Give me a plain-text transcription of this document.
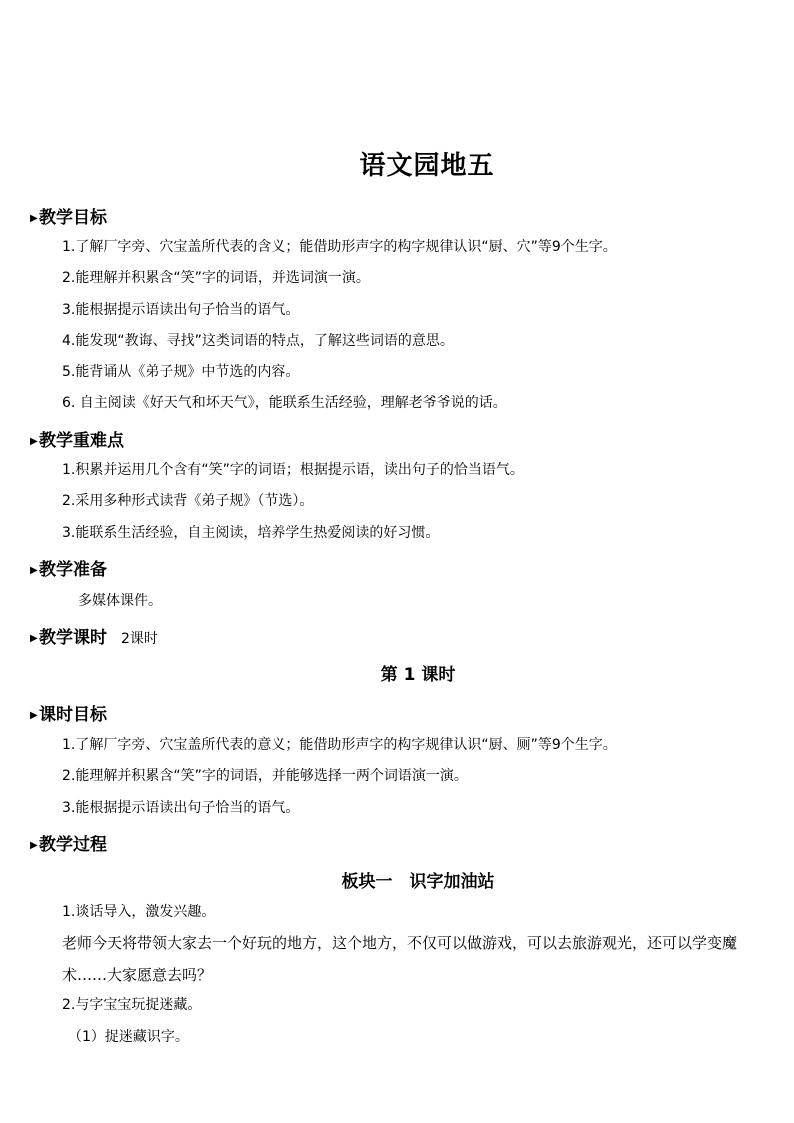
语文园地五
▶教学目标
1.了解厂字旁、穴宝盖所代表的含义；能借助形声字的构字规律认识“厨、穴”等9个生字。
2.能理解并积累含“笑”字的词语，并选词演一演。
3.能根据提示语读出句子恰当的语气。
4.能发现“教诲、寻找”这类词语的特点，了解这些词语的意思。
5.能背诵从《弟子规》中节选的内容。
6. 自主阅读《好天气和坏天气》，能联系生活经验，理解老爷爷说的话。
▶教学重难点
1.积累并运用几个含有“笑”字的词语；根据提示语，读出句子的恰当语气。
2.采用多种形式读背《弟子规》（节选）。
3.能联系生活经验，自主阅读，培养学生热爱阅读的好习惯。
▶教学准备
多媒体课件。
▶教学课时 2课时
第 1 课时
▶课时目标
1.了解厂字旁、穴宝盖所代表的意义；能借助形声字的构字规律认识“厨、厕”等9个生字。
2.能理解并积累含“笑”字的词语，并能够选择一两个词语演一演。
3.能根据提示语读出句子恰当的语气。
▶教学过程
板块一　识字加油站
1.谈话导入，激发兴趣。
老师今天将带领大家去一个好玩的地方，这个地方，不仅可以做游戏，可以去旅游观光，还可以学变魔术……大家愿意去吗？
2.与字宝宝玩捉迷藏。
（1）捉迷藏识字。
